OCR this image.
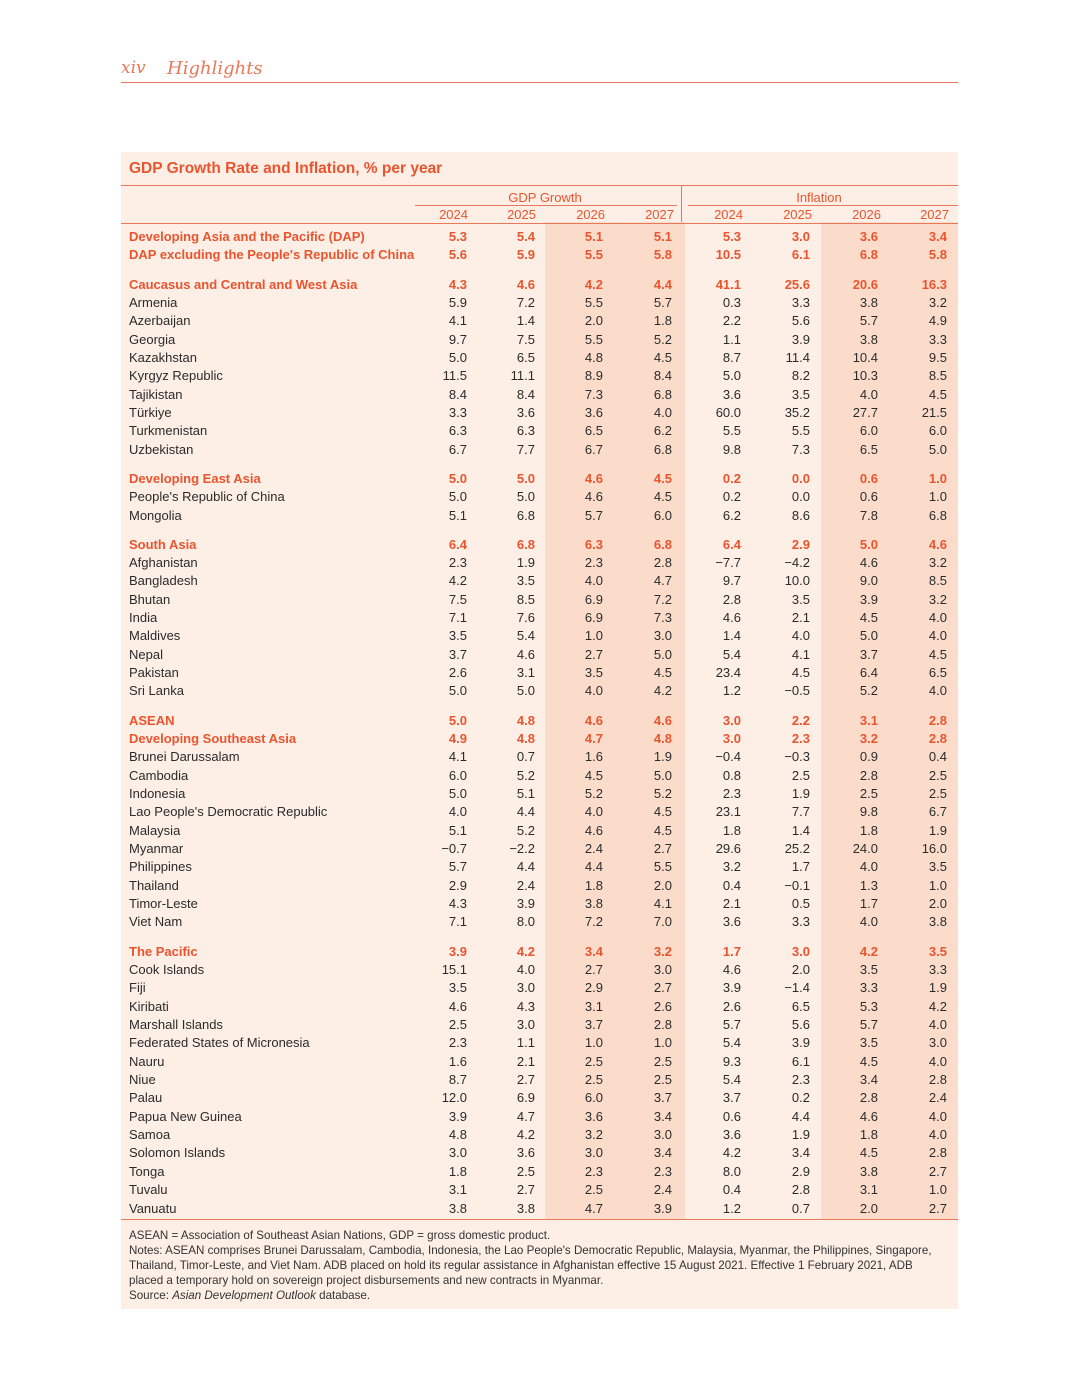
xiv Highlights
GDP Growth Rate and Inflation, % per year
GDP Growth	Inflation
2024	2025	2026	2027	2024	2025	2026	2027
Developing Asia and the Pacific (DAP)	5.3	5.4	5.1	5.1	5.3	3.0	3.6	3.4
DAP excluding the People's Republic of China	5.6	5.9	5.5	5.8	10.5	6.1	6.8	5.8
Caucasus and Central and West Asia	4.3	4.6	4.2	4.4	41.1	25.6	20.6	16.3
Armenia	5.9	7.2	5.5	5.7	0.3	3.3	3.8	3.2
Azerbaijan	4.1	1.4	2.0	1.8	2.2	5.6	5.7	4.9
Georgia	9.7	7.5	5.5	5.2	1.1	3.9	3.8	3.3
Kazakhstan	5.0	6.5	4.8	4.5	8.7	11.4	10.4	9.5
Kyrgyz Republic	11.5	11.1	8.9	8.4	5.0	8.2	10.3	8.5
Tajikistan	8.4	8.4	7.3	6.8	3.6	3.5	4.0	4.5
Türkiye	3.3	3.6	3.6	4.0	60.0	35.2	27.7	21.5
Turkmenistan	6.3	6.3	6.5	6.2	5.5	5.5	6.0	6.0
Uzbekistan	6.7	7.7	6.7	6.8	9.8	7.3	6.5	5.0
Developing East Asia	5.0	5.0	4.6	4.5	0.2	0.0	0.6	1.0
People's Republic of China	5.0	5.0	4.6	4.5	0.2	0.0	0.6	1.0
Mongolia	5.1	6.8	5.7	6.0	6.2	8.6	7.8	6.8
South Asia	6.4	6.8	6.3	6.8	6.4	2.9	5.0	4.6
Afghanistan	2.3	1.9	2.3	2.8	−7.7	−4.2	4.6	3.2
Bangladesh	4.2	3.5	4.0	4.7	9.7	10.0	9.0	8.5
Bhutan	7.5	8.5	6.9	7.2	2.8	3.5	3.9	3.2
India	7.1	7.6	6.9	7.3	4.6	2.1	4.5	4.0
Maldives	3.5	5.4	1.0	3.0	1.4	4.0	5.0	4.0
Nepal	3.7	4.6	2.7	5.0	5.4	4.1	3.7	4.5
Pakistan	2.6	3.1	3.5	4.5	23.4	4.5	6.4	6.5
Sri Lanka	5.0	5.0	4.0	4.2	1.2	−0.5	5.2	4.0
ASEAN	5.0	4.8	4.6	4.6	3.0	2.2	3.1	2.8
Developing Southeast Asia	4.9	4.8	4.7	4.8	3.0	2.3	3.2	2.8
Brunei Darussalam	4.1	0.7	1.6	1.9	−0.4	−0.3	0.9	0.4
Cambodia	6.0	5.2	4.5	5.0	0.8	2.5	2.8	2.5
Indonesia	5.0	5.1	5.2	5.2	2.3	1.9	2.5	2.5
Lao People's Democratic Republic	4.0	4.4	4.0	4.5	23.1	7.7	9.8	6.7
Malaysia	5.1	5.2	4.6	4.5	1.8	1.4	1.8	1.9
Myanmar	−0.7	−2.2	2.4	2.7	29.6	25.2	24.0	16.0
Philippines	5.7	4.4	4.4	5.5	3.2	1.7	4.0	3.5
Thailand	2.9	2.4	1.8	2.0	0.4	−0.1	1.3	1.0
Timor-Leste	4.3	3.9	3.8	4.1	2.1	0.5	1.7	2.0
Viet Nam	7.1	8.0	7.2	7.0	3.6	3.3	4.0	3.8
The Pacific	3.9	4.2	3.4	3.2	1.7	3.0	4.2	3.5
Cook Islands	15.1	4.0	2.7	3.0	4.6	2.0	3.5	3.3
Fiji	3.5	3.0	2.9	2.7	3.9	−1.4	3.3	1.9
Kiribati	4.6	4.3	3.1	2.6	2.6	6.5	5.3	4.2
Marshall Islands	2.5	3.0	3.7	2.8	5.7	5.6	5.7	4.0
Federated States of Micronesia	2.3	1.1	1.0	1.0	5.4	3.9	3.5	3.0
Nauru	1.6	2.1	2.5	2.5	9.3	6.1	4.5	4.0
Niue	8.7	2.7	2.5	2.5	5.4	2.3	3.4	2.8
Palau	12.0	6.9	6.0	3.7	3.7	0.2	2.8	2.4
Papua New Guinea	3.9	4.7	3.6	3.4	0.6	4.4	4.6	4.0
Samoa	4.8	4.2	3.2	3.0	3.6	1.9	1.8	4.0
Solomon Islands	3.0	3.6	3.0	3.4	4.2	3.4	4.5	2.8
Tonga	1.8	2.5	2.3	2.3	8.0	2.9	3.8	2.7
Tuvalu	3.1	2.7	2.5	2.4	0.4	2.8	3.1	1.0
Vanuatu	3.8	3.8	4.7	3.9	1.2	0.7	2.0	2.7

ASEAN = Association of Southeast Asian Nations, GDP = gross domestic product.

Notes: ASEAN comprises Brunei Darussalam, Cambodia, Indonesia, the Lao People's Democratic Republic, Malaysia, Myanmar, the Philippines, Singapore, Thailand, Timor-Leste, and Viet Nam. ADB placed on hold its regular assistance in Afghanistan effective 15 August 2021. Effective 1 February 2021, ADB placed a temporary hold on sovereign project disbursements and new contracts in Myanmar.

Source: Asian Development Outlook database.
